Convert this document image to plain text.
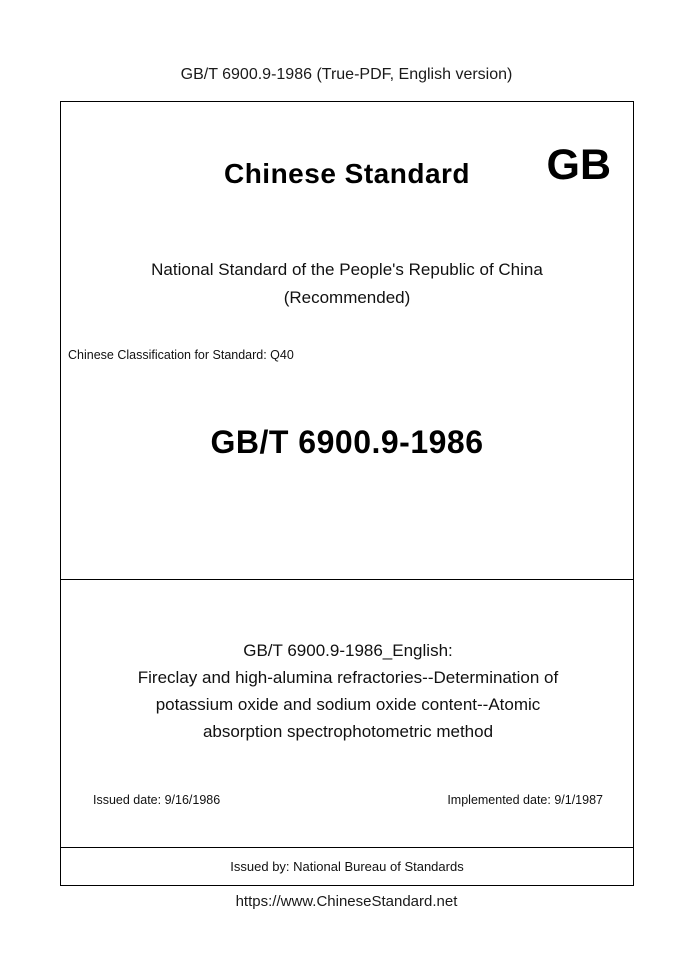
GB/T 6900.9-1986 (True-PDF, English version)
Chinese Standard	GB
National Standard of the People's Republic of China
(Recommended)
Chinese Classification for Standard: Q40
GB/T 6900.9-1986
GB/T 6900.9-1986_English:
Fireclay and high-alumina refractories--Determination of
potassium oxide and sodium oxide content--Atomic
absorption spectrophotometric method
Issued date: 9/16/1986	Implemented date: 9/1/1987
Issued by: National Bureau of Standards
https://www.ChineseStandard.net
